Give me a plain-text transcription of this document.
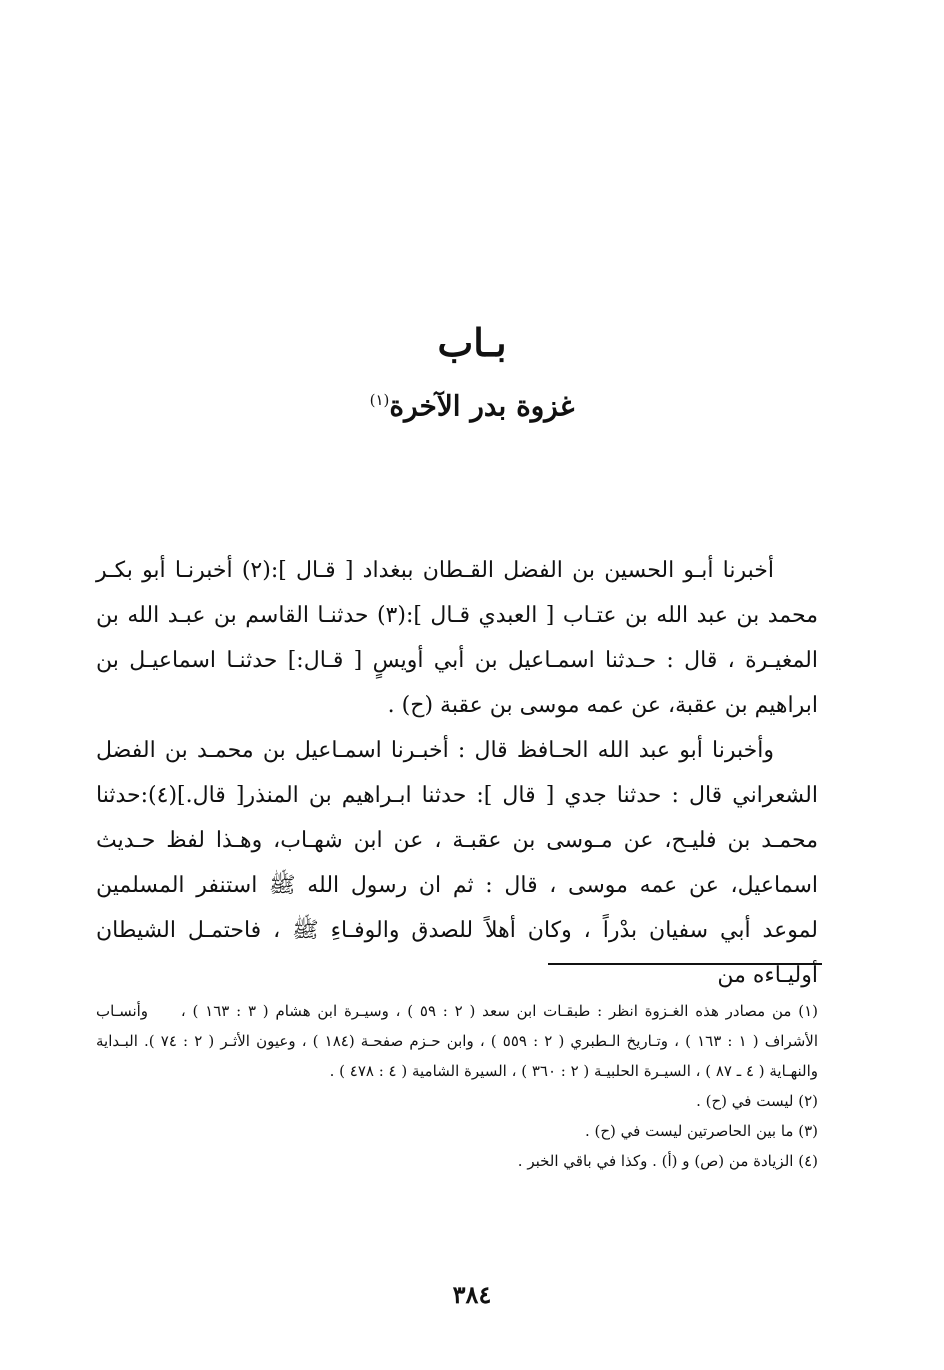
بـاب
غزوة بدر الآخرة$^{(١)}$

أخبرنا أبـو الحسين بن الفضل القـطان ببغداد [ قـال ]:(٢) أخبرنـا أبو بكـر محمد بن عبد الله بن عتـاب [ العبدي قـال ]:(٣) حدثنـا القاسم بن عبـد الله بن المغيـرة ، قال : حـدثنا اسمـاعيل بن أبي أويسٍ [ قـال:] حدثنـا اسماعيـل بن ابراهيم بن عقبة، عن عمه موسى بن عقبة (ح) .

وأخبرنا أبو عبد الله الحـافظ قال : أخبـرنا اسمـاعيل بن محمـد بن الفضل الشعراني قال : حدثنا جدي [ قال ]: حدثنا ابـراهيم بن المنذر[ قال.](٤):حدثنا محمـد بن فليـح، عن مـوسى بن عقبـة ، عن ابن شهـاب، وهـذا لفظ حـديث اسماعيل، عن عمه موسى ، قال : ثم ان رسول الله ﷺ استنفر المسلمين لموعد أبي سفيان بدْراً ، وكان أهلاً للصدق والوفـاءِ ﷺ ، فاحتمـل الشيطان أوليـاءه من

(١) من مصادر هذه الغـزوة انظر : طبقـات ابن سعد ( ٢ : ٥٩ ) ، وسيـرة ابن هشام ( ٣ : ١٦٣ ) ، وأنسـاب الأشراف ( ١ : ١٦٣ ) ، وتـاريخ الـطبري ( ٢ : ٥٥٩ ) ، وابن حـزم صفحـة (١٨٤ ) ، وعيون الأثـر ( ٢ : ٧٤ ). البـداية والنهـاية ( ٤ ـ ٨٧ ) ، السيـرة الحلبيـة ( ٢ : ٣٦٠ ) ، السيرة الشامية ( ٤ : ٤٧٨ ) .

(٢) ليست في (ح) .

(٣) ما بين الحاصرتين ليست في (ح) .

(٤) الزيادة من (ص) و (أ) . وكذا في باقي الخبر .

٣٨٤
